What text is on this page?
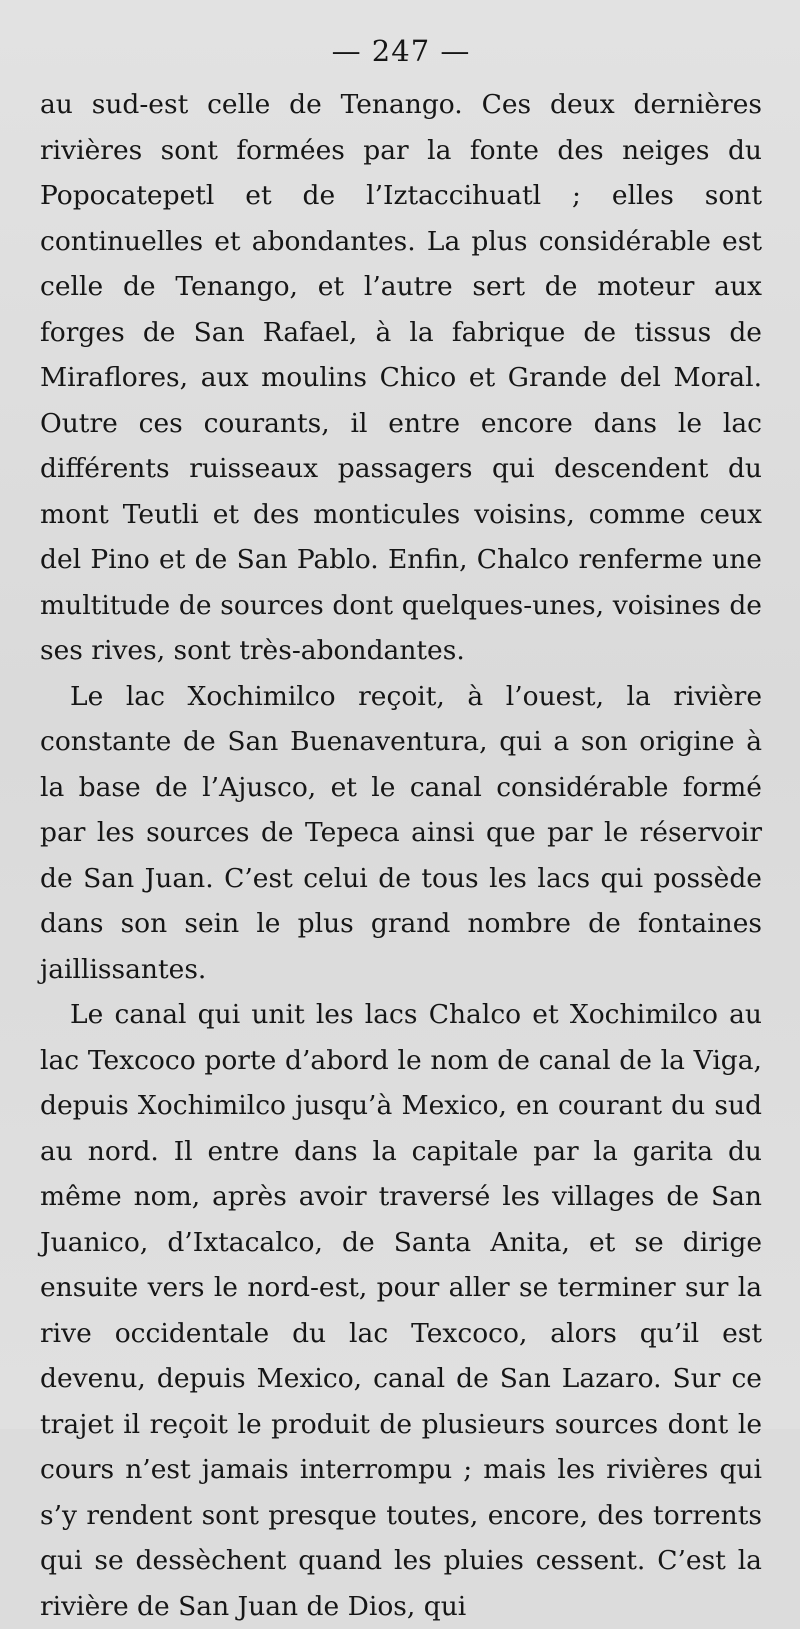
— 247 —

au sud-est celle de Tenango. Ces deux dernières rivières sont formées par la fonte des neiges du Popocatepetl et de l’Iztaccihuatl ; elles sont continuelles et abondantes. La plus considérable est celle de Tenango, et l’autre sert de moteur aux forges de San Rafael, à la fabrique de tissus de Miraflores, aux moulins Chico et Grande del Moral. Outre ces courants, il entre encore dans le lac différents ruisseaux passagers qui descendent du mont Teutli et des monticules voisins, comme ceux del Pino et de San Pablo. Enfin, Chalco renferme une multitude de sources dont quelques-unes, voisines de ses rives, sont très-abondantes.

Le lac Xochimilco reçoit, à l’ouest, la rivière constante de San Buenaventura, qui a son origine à la base de l’Ajusco, et le canal considérable formé par les sources de Tepeca ainsi que par le réservoir de San Juan. C’est celui de tous les lacs qui possède dans son sein le plus grand nombre de fontaines jaillissantes.

Le canal qui unit les lacs Chalco et Xochimilco au lac Texcoco porte d’abord le nom de canal de la Viga, depuis Xochimilco jusqu’à Mexico, en courant du sud au nord. Il entre dans la capitale par la garita du même nom, après avoir traversé les villages de San Juanico, d’Ixtacalco, de Santa Anita, et se dirige ensuite vers le nord-est, pour aller se terminer sur la rive occidentale du lac Texcoco, alors qu’il est devenu, depuis Mexico, canal de San Lazaro. Sur ce trajet il reçoit le produit de plusieurs sources dont le cours n’est jamais interrompu ; mais les rivières qui s’y rendent sont presque toutes, encore, des torrents qui se dessèchent quand les pluies cessent. C’est la rivière de San Juan de Dios, qui
